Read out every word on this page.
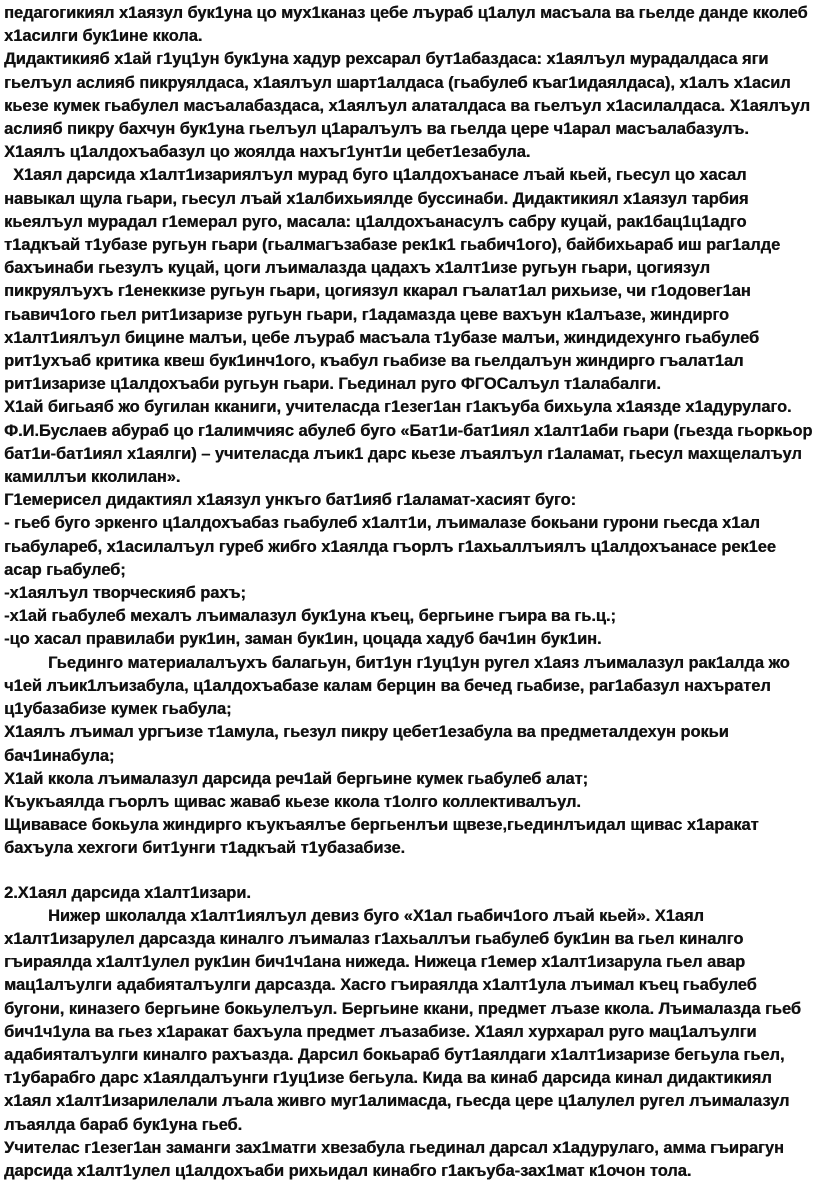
педагогикиял х1аязул бук1уна цо мух1каназ цебе лъураб ц1алул масъала ва гьелде данде кколеб х1асилги бук1ине ккола.

Дидактикияб х1ай г1уц1ун бук1уна хадур рехсарал бут1абаздаса: х1аялъул мурадалдаса яги гьелъул аслияб пикруялдаса, х1аялъул шарт1алдаса (гьабулеб къаг1идаялдаса), х1алъ х1асил кьезе кумек гьабулел масъалабаздаса, х1аялъул алаталдаса ва гьелъул х1асилалдаса. Х1аялъул аслияб пикру бахчун бук1уна гьелъул ц1аралъулъ ва гьелда цере ч1арал масъалабазулъ. Х1аялъ ц1алдохъабазул цо жоялда нахъг1унт1и цебет1езабула.

Х1аял дарсида х1алт1изариялъул мурад буго ц1алдохъанасе лъай кьей, гьесул цо хасал навыкал щула гьари, гьесул лъай х1албихьиялде буссинаби. Дидактикиял х1аязул тарбия кьеялъул мурадал г1емерал руго, масала: ц1алдохъанасулъ сабру куцай, рак1бац1ц1адго т1адкъай т1убазе ругьун гьари (гьалмагъзабазе рек1к1 гьабич1ого), байбихьараб иш раг1алде бахъинаби гьезулъ куцай, цоги лъималазда цадахъ х1алт1изе ругьун гьари, цогиязул пикруялъухъ г1енеккизе ругьун гьари, цогиязул ккарал гъалат1ал рихьизе, чи г1одовег1ан гьавич1ого гьел рит1изаризе ругьун гьари, г1адамазда цеве вахъун к1алъазе, жиндирго х1алт1иялъул бицине малъи, цебе лъураб масъала т1убазе малъи, жиндидехунго гьабулеб рит1ухъаб критика квеш бук1инч1ого, къабул гьабизе ва гьелдалъун жиндирго гъалат1ал рит1изаризе ц1алдохъаби ругьун гьари. Гьединал руго ФГОСалъул т1алабалги.

Х1ай бигьаяб жо бугилан кканиги, учителасда г1езег1ан г1акъуба бихьула х1аязде х1адурулаго.

Ф.И.Буслаев абураб цо г1алимчияс абулеб буго «Бат1и-бат1иял х1алт1аби гьари (гьезда гьоркьор бат1и-бат1иял х1аялги) – учителасда лъик1 дарс кьезе лъаялъул г1аламат, гьесул махщелалъул камиллъи кколилан».

Г1емерисел дидактиял х1аязул ункъго бат1ияб г1аламат-хасият буго:

- гьеб буго эркенго ц1алдохъабаз гьабулеб х1алт1и, лъималазе бокьани гурони гьесда х1ал гьабулареб, х1асилалъул гуреб жибго х1аялда гъорлъ г1ахьаллъиялъ ц1алдохъанасе рек1ее асар гьабулеб;

-х1аялъул творческияб рахъ;

-х1ай гьабулеб мехалъ лъималазул бук1уна къец, бергьине гъира ва гь.ц.;

-цо хасал правилаби рук1ин, заман бук1ин, цоцада хадуб бач1ин бук1ин.

Гьединго материалалъухъ балагьун, бит1ун г1уц1ун ругел х1аяз лъималазул рак1алда жо ч1ей лъик1лъизабула, ц1алдохъабазе калам берцин ва бечед гьабизе, раг1абазул нахърател ц1убазабизе кумек гьабула;

Х1аялъ лъимал ургъизе т1амула, гьезул пикру цебет1езабула ва предметалдехун рокьи бач1инабула;

Х1ай ккола лъималазул дарсида реч1ай бергьине кумек гьабулеб алат;

Къукъаялда гъорлъ щивас жаваб кьезе ккола т1олго коллективалъул.

Щивавасе бокьула жиндирго къукъаялъе бергьенлъи щвезе,гьединлъидал щивас х1аракат бахъула хехгоги бит1унги т1адкъай т1убазабизе.

2.Х1аял дарсида х1алт1изари.

Нижер школалда х1алт1иялъул девиз буго «Х1ал гьабич1ого лъай кьей». Х1аял х1алт1изарулел дарсазда киналго лъималаз г1ахьаллъи гьабулеб бук1ин ва гьел киналго гъираялда х1алт1улел рук1ин бич1ч1ана нижеда. Нижеца г1емер х1алт1изарула гьел авар мац1алъулги адабияталъулги дарсазда. Хасго гъираялда х1алт1ула лъимал къец гьабулеб бугони, киназего бергьине бокьулелъул. Бергьине ккани, предмет лъазе ккола. Лъималазда гьеб бич1ч1ула ва гьез х1аракат бахъула предмет лъазабизе. Х1аял хурхарал руго мац1алъулги адабияталъулги киналго рахъазда. Дарсил бокьараб бут1аялдаги х1алт1изаризе бегьула гьел, т1убарабго дарс х1аялдалъунги г1уц1изе бегьула. Кида ва кинаб дарсида кинал дидактикиял х1аял х1алт1изарилелали лъала живго муг1алимасда, гьесда цере ц1алулел ругел лъималазул лъаялда бараб бук1уна гьеб.

Учителас г1езег1ан заманги зах1матги хвезабула гьединал дарсал х1адурулаго, амма гъирагун дарсида х1алт1улел ц1алдохъаби рихьидал кинабго г1акъуба-зах1мат к1очон тола.
